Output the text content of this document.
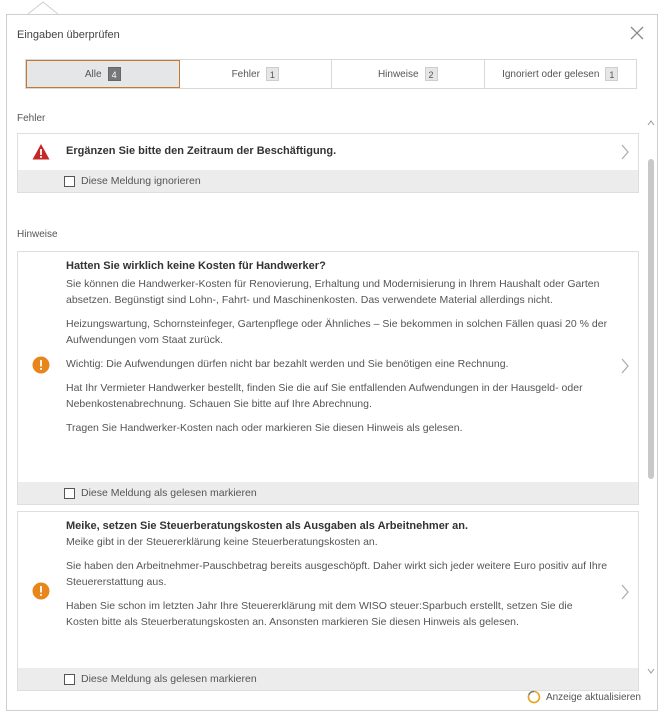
Eingaben überprüfen
Alle	4	Fehler	1	Hinweise	2	Ignoriert oder gelesen	1
Fehler
Ergänzen Sie bitte den Zeitraum der Beschäftigung.
Diese Meldung ignorieren
Hinweise
Hatten Sie wirklich keine Kosten für Handwerker?
Sie können die Handwerker-Kosten für Renovierung, Erhaltung und Modernisierung in Ihrem Haushalt oder Garten absetzen. Begünstigt sind Lohn-, Fahrt- und Maschinenkosten. Das verwendete Material allerdings nicht.
Heizungswartung, Schornsteinfeger, Gartenpflege oder Ähnliches – Sie bekommen in solchen Fällen quasi 20 % der Aufwendungen vom Staat zurück.
Wichtig: Die Aufwendungen dürfen nicht bar bezahlt werden und Sie benötigen eine Rechnung.
Hat Ihr Vermieter Handwerker bestellt, finden Sie die auf Sie entfallenden Aufwendungen in der Hausgeld- oder Nebenkostenabrechnung. Schauen Sie bitte auf Ihre Abrechnung.
Tragen Sie Handwerker-Kosten nach oder markieren Sie diesen Hinweis als gelesen.
Diese Meldung als gelesen markieren
Meike, setzen Sie Steuerberatungskosten als Ausgaben als Arbeitnehmer an.
Meike gibt in der Steuererklärung keine Steuerberatungskosten an.
Sie haben den Arbeitnehmer-Pauschbetrag bereits ausgeschöpft. Daher wirkt sich jeder weitere Euro positiv auf Ihre Steuererstattung aus.
Haben Sie schon im letzten Jahr Ihre Steuererklärung mit dem WISO steuer:Sparbuch erstellt, setzen Sie die Kosten bitte als Steuerberatungskosten an. Ansonsten markieren Sie diesen Hinweis als gelesen.
Diese Meldung als gelesen markieren
Anzeige aktualisieren
